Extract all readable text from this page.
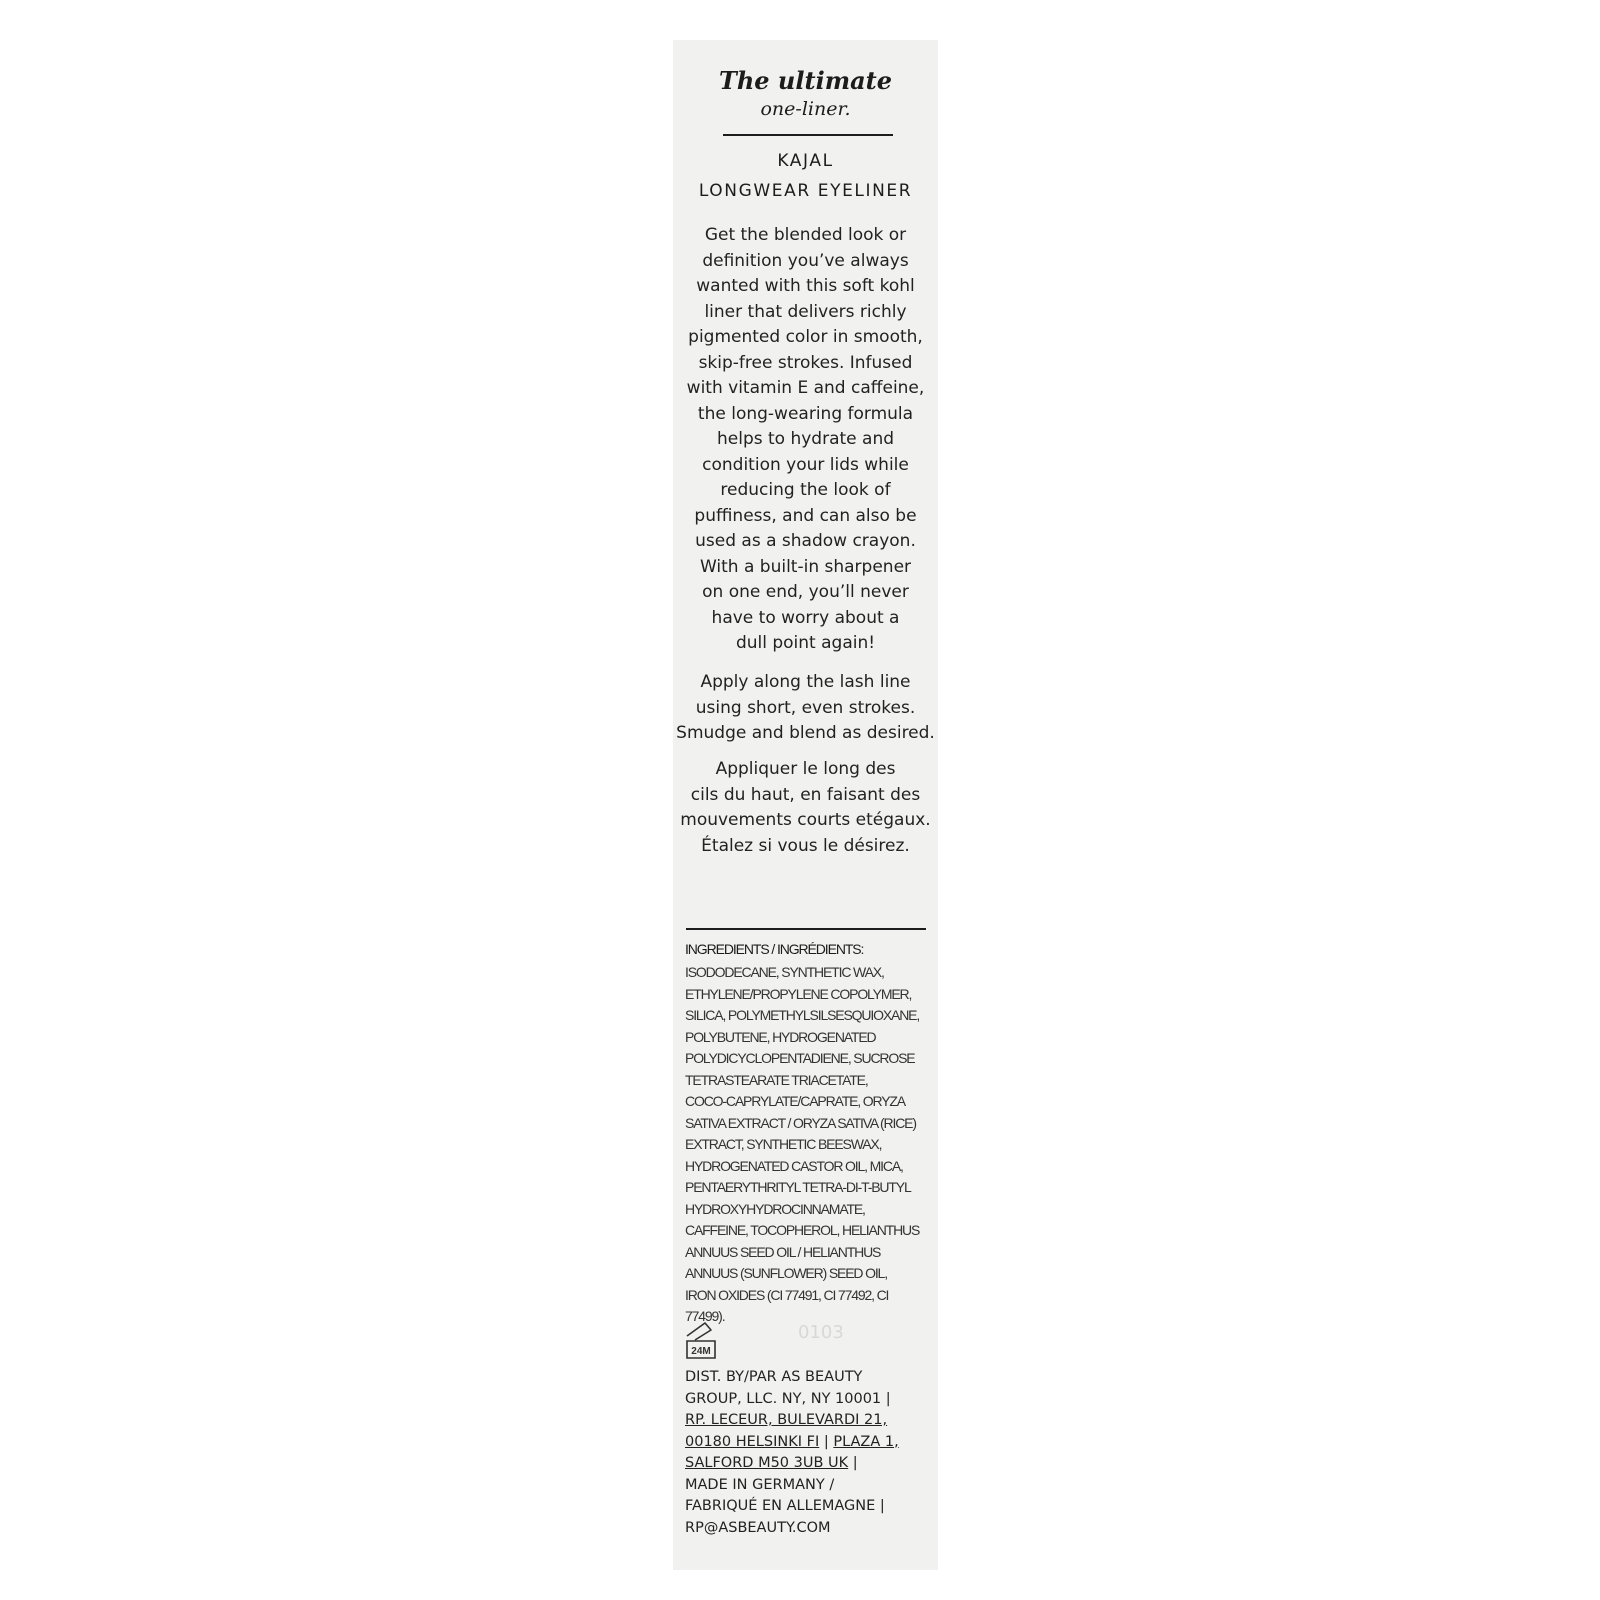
The ultimate
one-liner.
KAJAL
LONGWEAR EYELINER

Get the blended look or
definition you’ve always
wanted with this soft kohl
liner that delivers richly
pigmented color in smooth,
skip-free strokes. Infused
with vitamin E and caffeine,
the long-wearing formula
helps to hydrate and
condition your lids while
reducing the look of
puffiness, and can also be
used as a shadow crayon.
With a built-in sharpener
on one end, you’ll never
have to worry about a
dull point again!

Apply along the lash line
using short, even strokes.
Smudge and blend as desired.

Appliquer le long des
cils du haut, en faisant des
mouvements courts etégaux.
Étalez si vous le désirez.

INGREDIENTS / INGRÉDIENTS:

ISODODECANE, SYNTHETIC WAX,
ETHYLENE/PROPYLENE COPOLYMER,
SILICA, POLYMETHYLSILSESQUIOXANE,
POLYBUTENE, HYDROGENATED
POLYDICYCLOPENTADIENE, SUCROSE
TETRASTEARATE TRIACETATE,
COCO-CAPRYLATE/CAPRATE, ORYZA
SATIVA EXTRACT / ORYZA SATIVA (RICE)
EXTRACT, SYNTHETIC BEESWAX,
HYDROGENATED CASTOR OIL, MICA,
PENTAERYTHRITYL TETRA-DI-T-BUTYL
HYDROXYHYDROCINNAMATE,
CAFFEINE, TOCOPHEROL, HELIANTHUS
ANNUUS SEED OIL / HELIANTHUS
ANNUUS (SUNFLOWER) SEED OIL,
IRON OXIDES (CI 77491, CI 77492, CI
77499).

24M
0103

DIST. BY/PAR AS BEAUTY
GROUP, LLC. NY, NY 10001 |
RP. LECEUR, BULEVARDI 21,
00180 HELSINKI FI | PLAZA 1,
SALFORD M50 3UB UK |
MADE IN GERMANY /
FABRIQUÉ EN ALLEMAGNE |
RP@ASBEAUTY.COM
